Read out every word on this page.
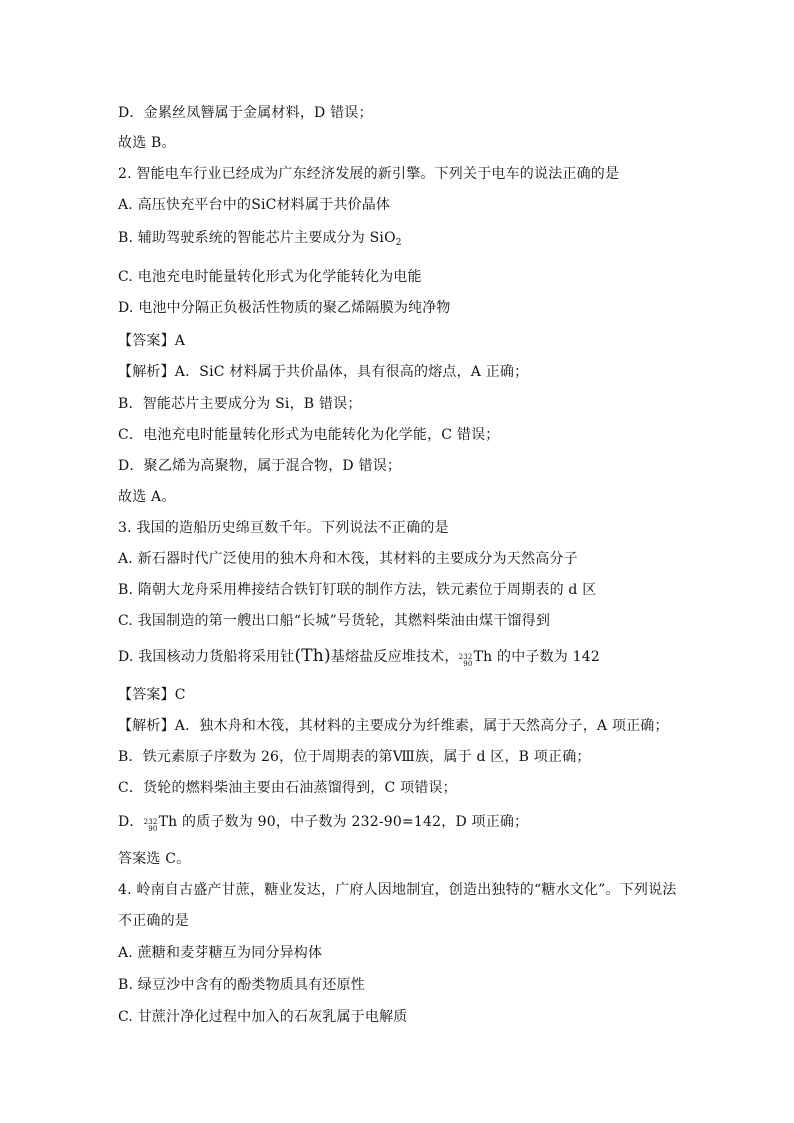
D．金累丝凤簪属于金属材料，D 错误；
故选 B。
2. 智能电车行业已经成为广东经济发展的新引擎。下列关于电车的说法正确的是
A. 高压快充平台中的SiC材料属于共价晶体
B. 辅助驾驶系统的智能芯片主要成分为 SiO$_2$
C. 电池充电时能量转化形式为化学能转化为电能
D. 电池中分隔正负极活性物质的聚乙烯隔膜为纯净物
【答案】A
【解析】A．SiC 材料属于共价晶体，具有很高的熔点，A 正确；
B．智能芯片主要成分为 Si，B 错误；
C．电池充电时能量转化形式为电能转化为化学能，C 错误；
D．聚乙烯为高聚物，属于混合物，D 错误；
故选 A。
3. 我国的造船历史绵亘数千年。下列说法不正确的是
A. 新石器时代广泛使用的独木舟和木筏，其材料的主要成分为天然高分子
B. 隋朝大龙舟采用榫接结合铁钉钉联的制作方法，铁元素位于周期表的 d 区
C. 我国制造的第一艘出口船“长城”号货轮，其燃料柴油由煤干馏得到
D. 我国核动力货船将采用钍(Th)基熔盐反应堆技术， 232
90 Th 的中子数为 142
【答案】C
【解析】A．独木舟和木筏，其材料的主要成分为纤维素，属于天然高分子，A 项正确；
B．铁元素原子序数为 26，位于周期表的第Ⅷ族，属于 d 区，B 项正确；
C．货轮的燃料柴油主要由石油蒸馏得到，C 项错误；
D． 232
90 Th 的质子数为 90，中子数为 232-90=142，D 项正确；
答案选 C。
4. 岭南自古盛产甘蔗，糖业发达，广府人因地制宜，创造出独特的“糖水文化”。下列说法
不正确的是
A. 蔗糖和麦芽糖互为同分异构体
B. 绿豆沙中含有的酚类物质具有还原性
C. 甘蔗汁净化过程中加入的石灰乳属于电解质
